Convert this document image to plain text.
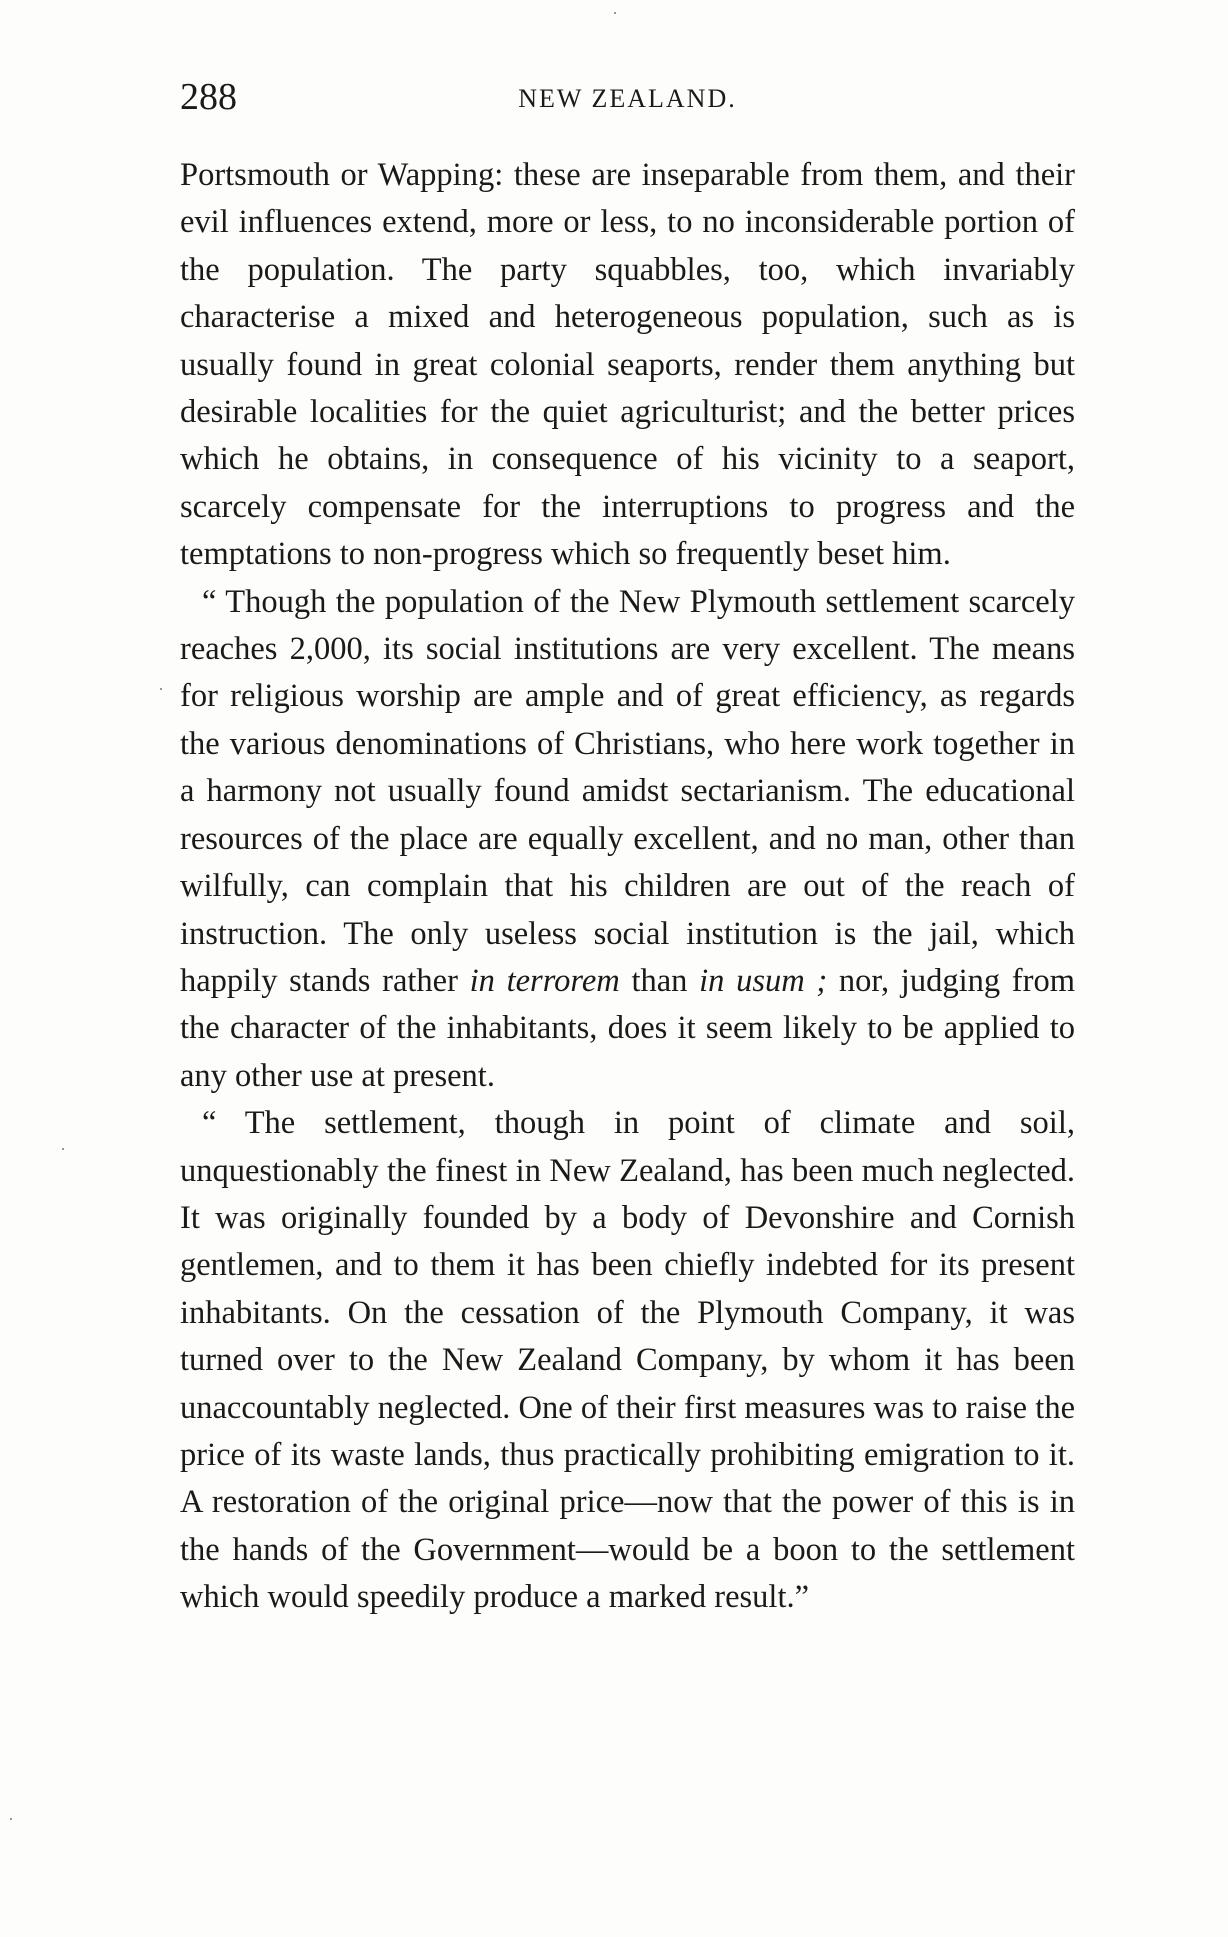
288	NEW ZEALAND.

Portsmouth or Wapping: these are inseparable from them, and their evil influences extend, more or less, to no inconsiderable portion of the population. The party squabbles, too, which invariably characterise a mixed and heterogeneous population, such as is usually found in great colonial seaports, render them anything but desirable localities for the quiet agriculturist; and the better prices which he obtains, in consequence of his vicinity to a seaport, scarcely compensate for the interruptions to progress and the temptations to non-progress which so frequently beset him.

“ Though the population of the New Plymouth settlement scarcely reaches 2,000, its social institutions are very excellent. The means for religious worship are ample and of great efficiency, as regards the various denominations of Christians, who here work together in a harmony not usually found amidst sectarianism. The educational resources of the place are equally excellent, and no man, other than wilfully, can complain that his children are out of the reach of instruction. The only useless social institution is the jail, which happily stands rather in terrorem than in usum ; nor, judging from the character of the inhabitants, does it seem likely to be applied to any other use at present.

“ The settlement, though in point of climate and soil, unquestionably the finest in New Zealand, has been much neglected. It was originally founded by a body of Devonshire and Cornish gentlemen, and to them it has been chiefly indebted for its present inhabitants. On the cessation of the Plymouth Company, it was turned over to the New Zealand Company, by whom it has been unaccountably neglected. One of their first measures was to raise the price of its waste lands, thus practically prohibiting emigration to it. A restoration of the original price—now that the power of this is in the hands of the Government—would be a boon to the settlement which would speedily produce a marked result.”
